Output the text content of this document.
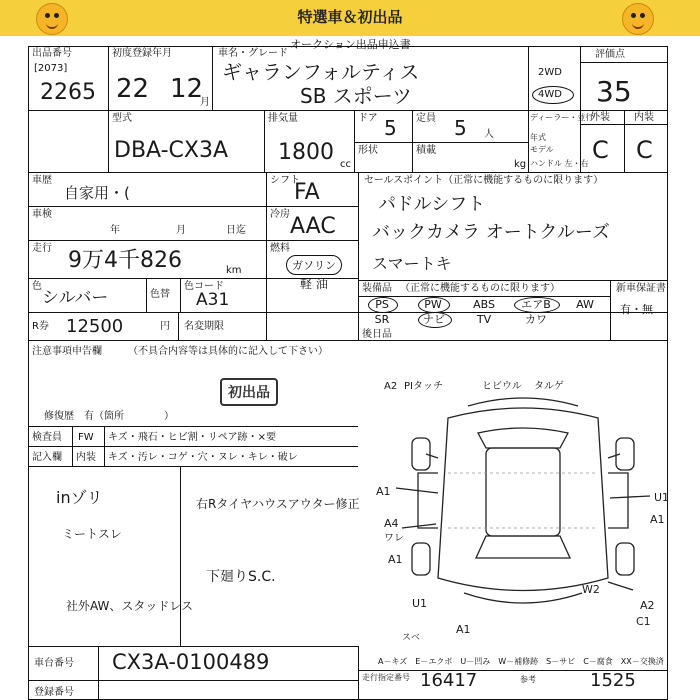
特選車＆初出品
オークション出品申込書
出品番号
[2073]
2265
初度登録年月
22 12
月
車名・グレード
ギャランフォルティス
SB スポーツ
2WD
4WD
評価点
35
型式
DBA-CX3A
排気量
1800 cc
ドア 5 定員 5 人
形状	積載
kg
ディーラー・並行
年式
モデル
ハンドル 左・右
外装 内装
C C
車歴
自家用・(
シフト
FA
車検
年	月	日迄
冷房 AAC
走行 9万4千826	km
燃料
ガソリン
軽 油
色
シルバー	色替
色コード
A31
R券 12500	円 名変期限
セールスポイント（正常に機能するものに限ります）
パドルシフト
バックカメラ オートクルーズ
スマートキ
装備品 （正常に機能するものに限ります）	新車保証書
有・無
PS	PW	ABS	エアB	AW
SR	ナビ	TV	カワ
後日品
注意事項申告欄	（不具合内容等は具体的に記入して下さい）
初出品
修復歴　有（箇所　　　　）
検査員
記入欄
FW キズ・飛石・ヒビ割・リペア跡・×要
内装 キズ・汚レ・コゲ・穴・ヌレ・キレ・破レ
inゾリ
ミートスレ
右Rタイヤハウスアウター修正
下廻りS.C.
社外AW、スタッドレス
A2 PIタッチ	ヒビウル タルゲ
A1	U1
A1
A4
ワレ
A1
W2
A2
U1
C1
A1
スベ
車台番号 CX3A-0100489
登録番号
A－キズ　E－エクボ　U－凹み　W－補修跡　S－サビ　C－腐食　XX－交換済
走行指定番号 16417	参考	1525
